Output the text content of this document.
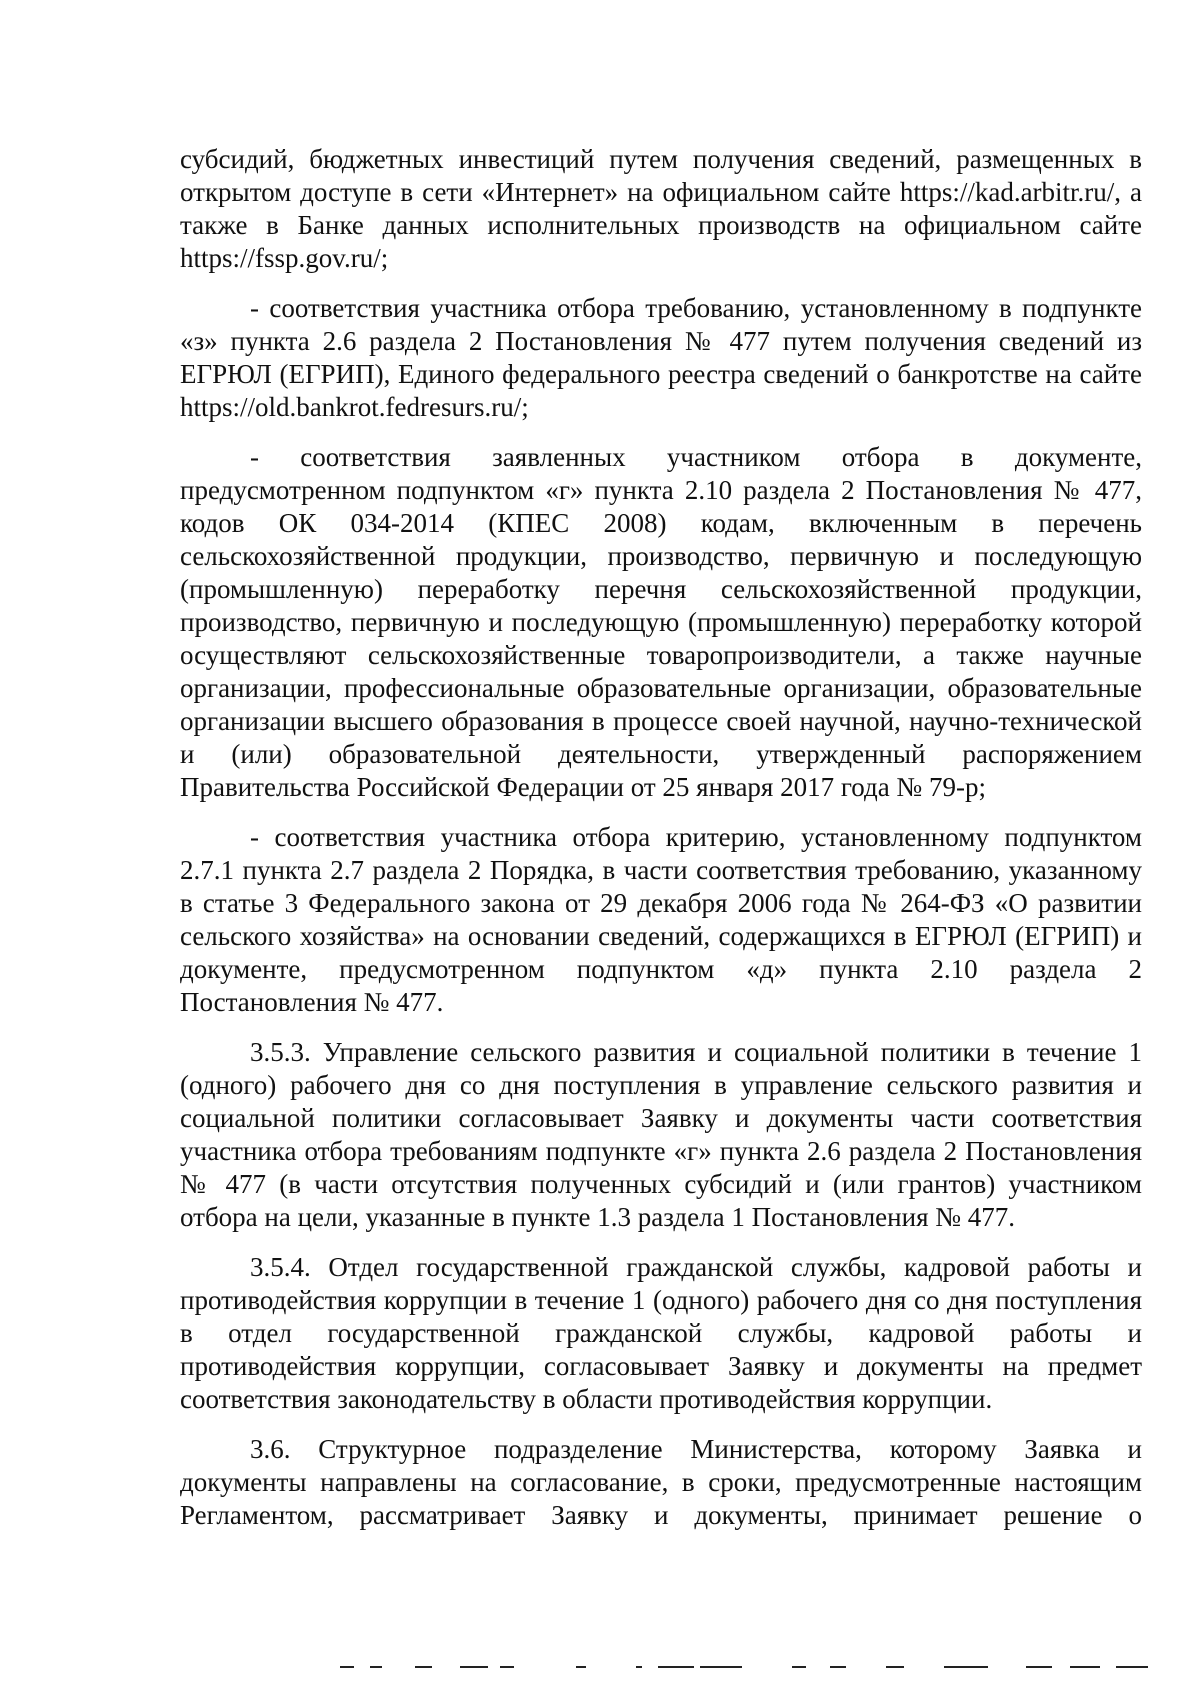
субсидий, бюджетных инвестиций путем получения сведений, размещенных в открытом доступе в сети «Интернет» на официальном сайте https://kad.arbitr.ru/, а также в Банке данных исполнительных производств на официальном сайте https://fssp.gov.ru/;

- соответствия участника отбора требованию, установленному в подпункте «з» пункта 2.6 раздела 2 Постановления № 477 путем получения сведений из ЕГРЮЛ (ЕГРИП), Единого федерального реестра сведений о банкротстве на сайте https://old.bankrot.fedresurs.ru/;

- соответствия заявленных участником отбора в документе, предусмотренном подпунктом «г» пункта 2.10 раздела 2 Постановления № 477, кодов ОК 034-2014 (КПЕС 2008) кодам, включенным в перечень сельскохозяйственной продукции, производство, первичную и последующую (промышленную) переработку перечня сельскохозяйственной продукции, производство, первичную и последующую (промышленную) переработку которой осуществляют сельскохозяйственные товаропроизводители, а также научные организации, профессиональные образовательные организации, образовательные организации высшего образования в процессе своей научной, научно-технической и (или) образовательной деятельности, утвержденный распоряжением Правительства Российской Федерации от 25 января 2017 года № 79-р;

- соответствия участника отбора критерию, установленному подпунктом 2.7.1 пункта 2.7 раздела 2 Порядка, в части соответствия требованию, указанному в статье 3 Федерального закона от 29 декабря 2006 года № 264-ФЗ «О развитии сельского хозяйства» на основании сведений, содержащихся в ЕГРЮЛ (ЕГРИП) и документе, предусмотренном подпунктом «д» пункта 2.10 раздела 2 Постановления № 477.

3.5.3. Управление сельского развития и социальной политики в течение 1 (одного) рабочего дня со дня поступления в управление сельского развития и социальной политики согласовывает Заявку и документы части соответствия участника отбора требованиям подпункте «г» пункта 2.6 раздела 2 Постановления № 477 (в части отсутствия полученных субсидий и (или грантов) участником отбора на цели, указанные в пункте 1.3 раздела 1 Постановления № 477.

3.5.4. Отдел государственной гражданской службы, кадровой работы и противодействия коррупции в течение 1 (одного) рабочего дня со дня поступления в отдел государственной гражданской службы, кадровой работы и противодействия коррупции, согласовывает Заявку и документы на предмет соответствия законодательству в области противодействия коррупции.

3.6. Структурное подразделение Министерства, которому Заявка и документы направлены на согласование, в сроки, предусмотренные настоящим Регламентом, рассматривает Заявку и документы, принимает решение о
